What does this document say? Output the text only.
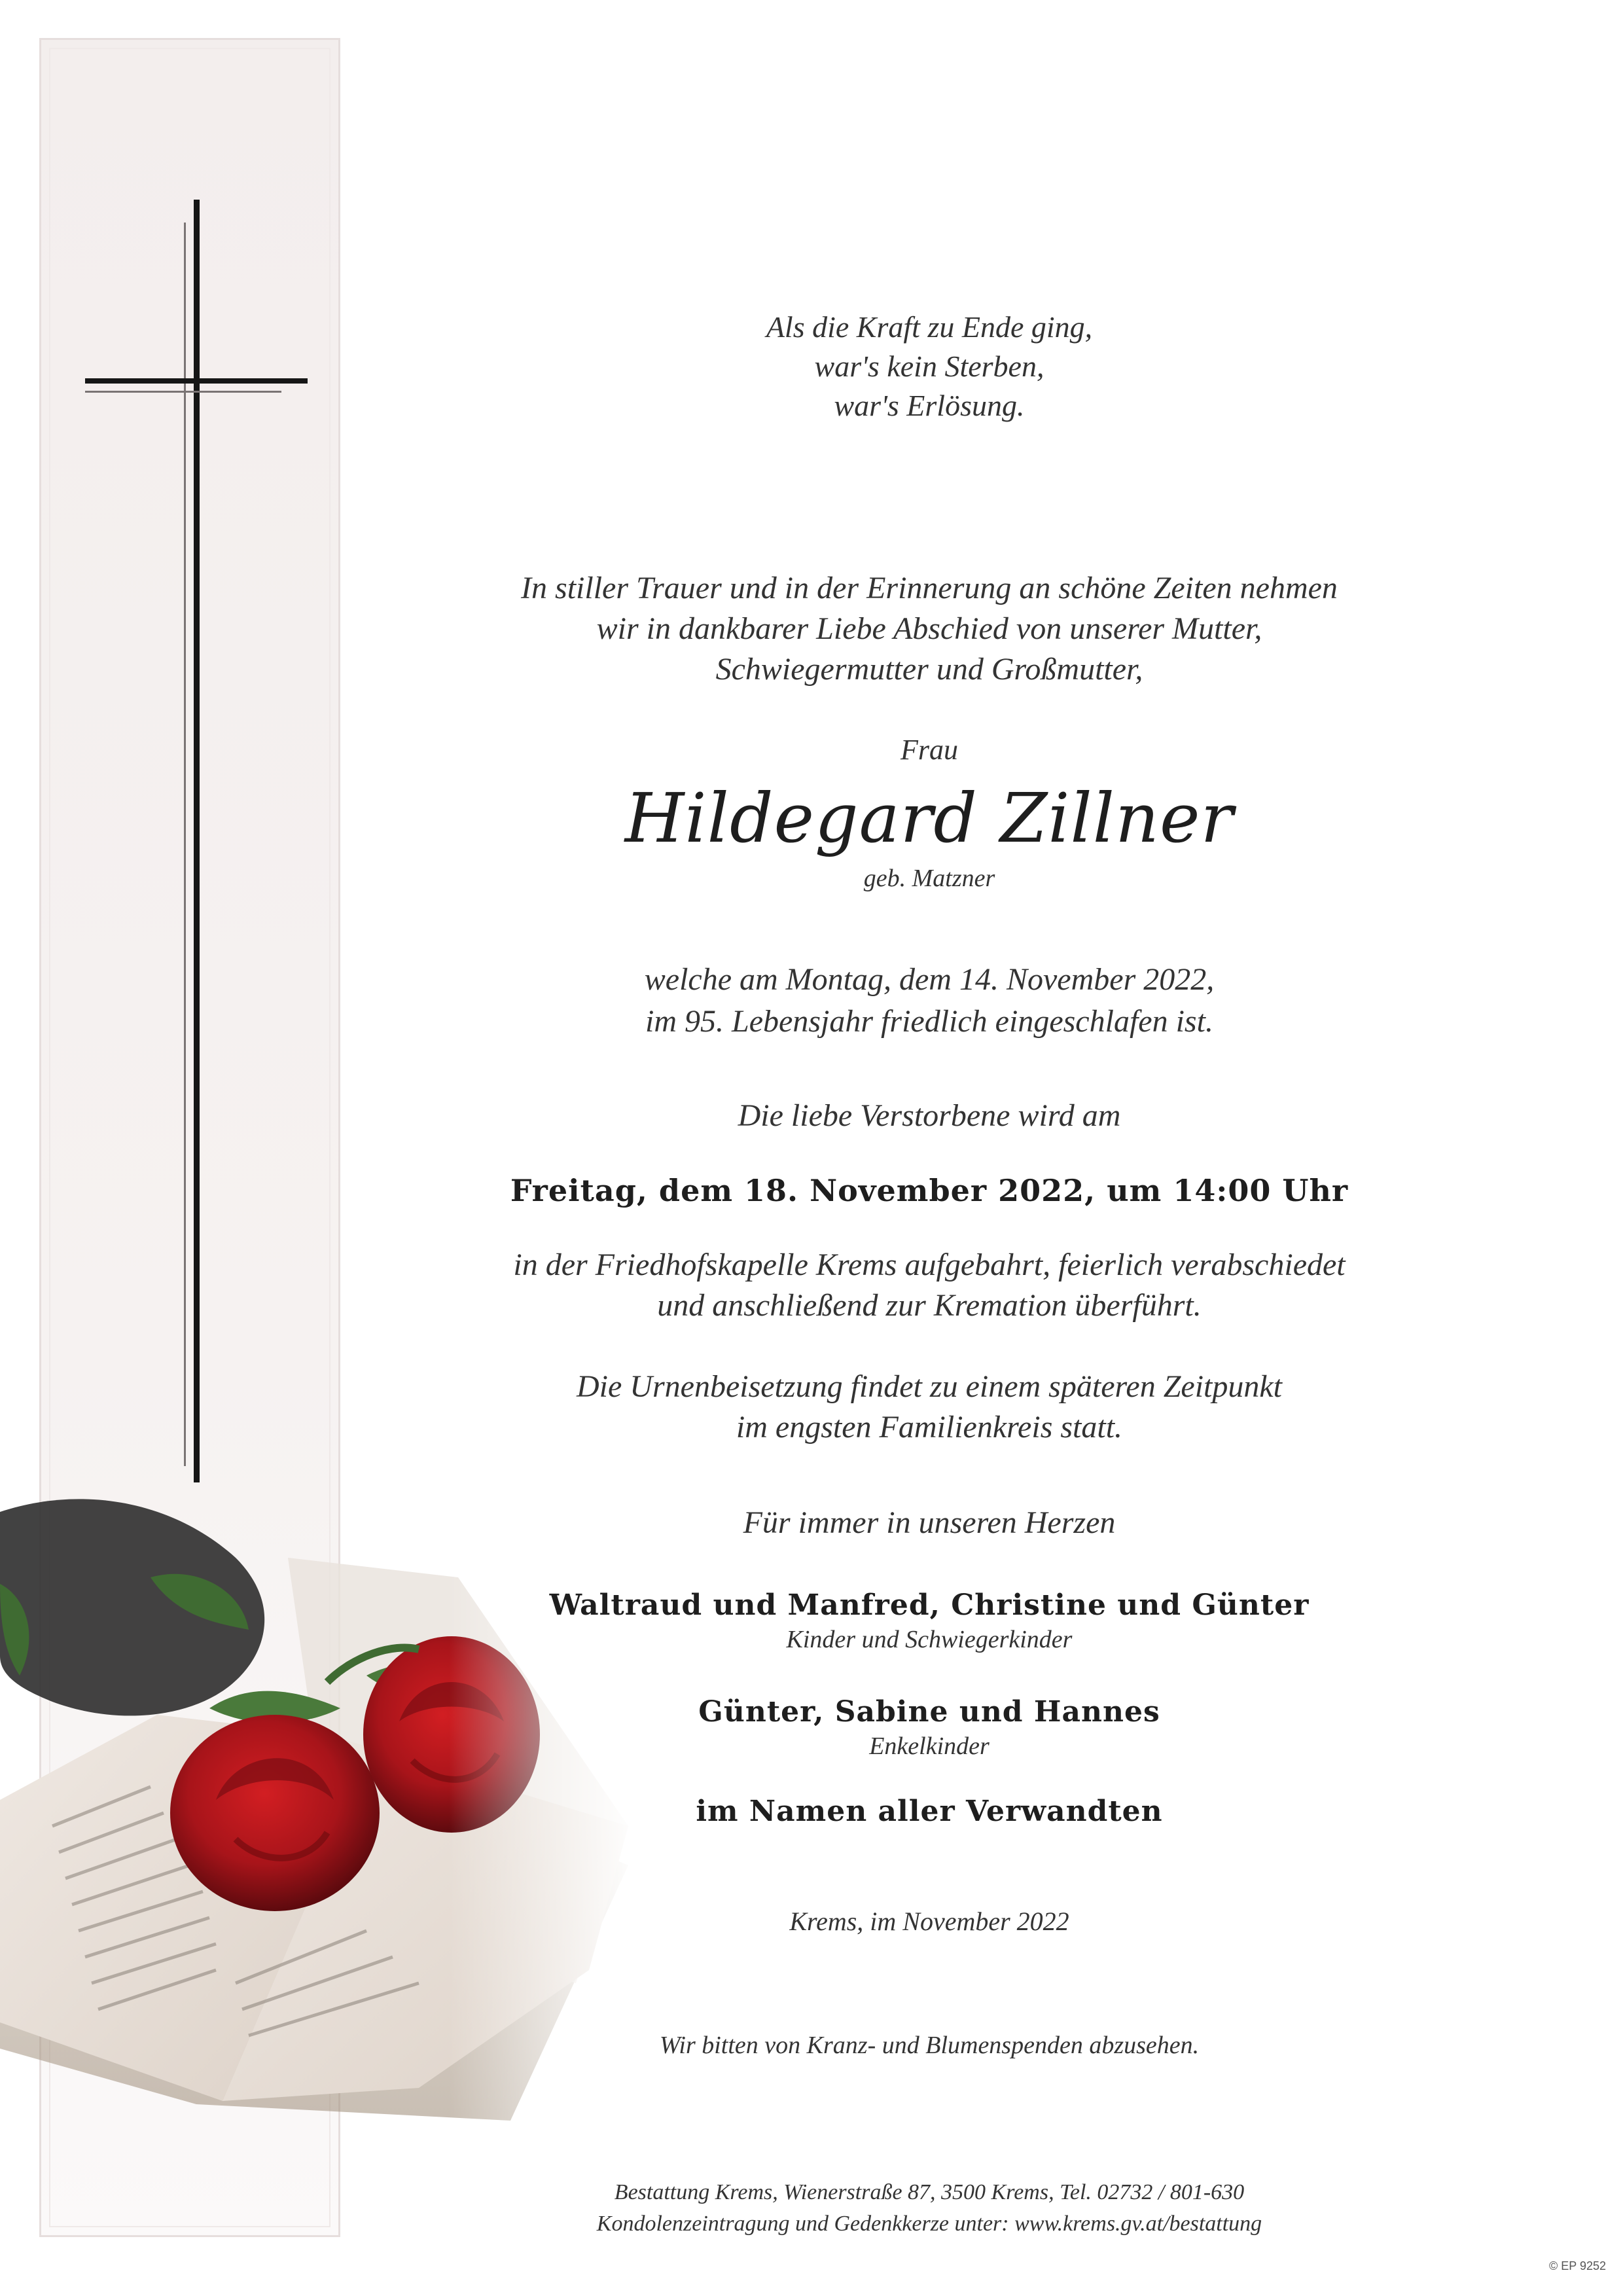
Als die Kraft zu Ende ging,
war's kein Sterben,
war's Erlösung.
In stiller Trauer und in der Erinnerung an schöne Zeiten nehmen
wir in dankbarer Liebe Abschied von unserer Mutter,
Schwiegermutter und Großmutter,
Frau
Hildegard Zillner
geb. Matzner
welche am Montag, dem 14. November 2022,
im 95. Lebensjahr friedlich eingeschlafen ist.
Die liebe Verstorbene wird am
Freitag, dem 18. November 2022, um 14:00 Uhr
in der Friedhofskapelle Krems aufgebahrt, feierlich verabschiedet
und anschließend zur Kremation überführt.
Die Urnenbeisetzung findet zu einem späteren Zeitpunkt
im engsten Familienkreis statt.
Für immer in unseren Herzen
Waltraud und Manfred, Christine und Günter
Kinder und Schwiegerkinder
Günter, Sabine und Hannes
Enkelkinder
im Namen aller Verwandten
Krems, im November 2022
Wir bitten von Kranz- und Blumenspenden abzusehen.
Bestattung Krems, Wienerstraße 87, 3500 Krems, Tel. 02732 / 801-630
Kondolenzeintragung und Gedenkkerze unter: www.krems.gv.at/bestattung
© EP 9252
